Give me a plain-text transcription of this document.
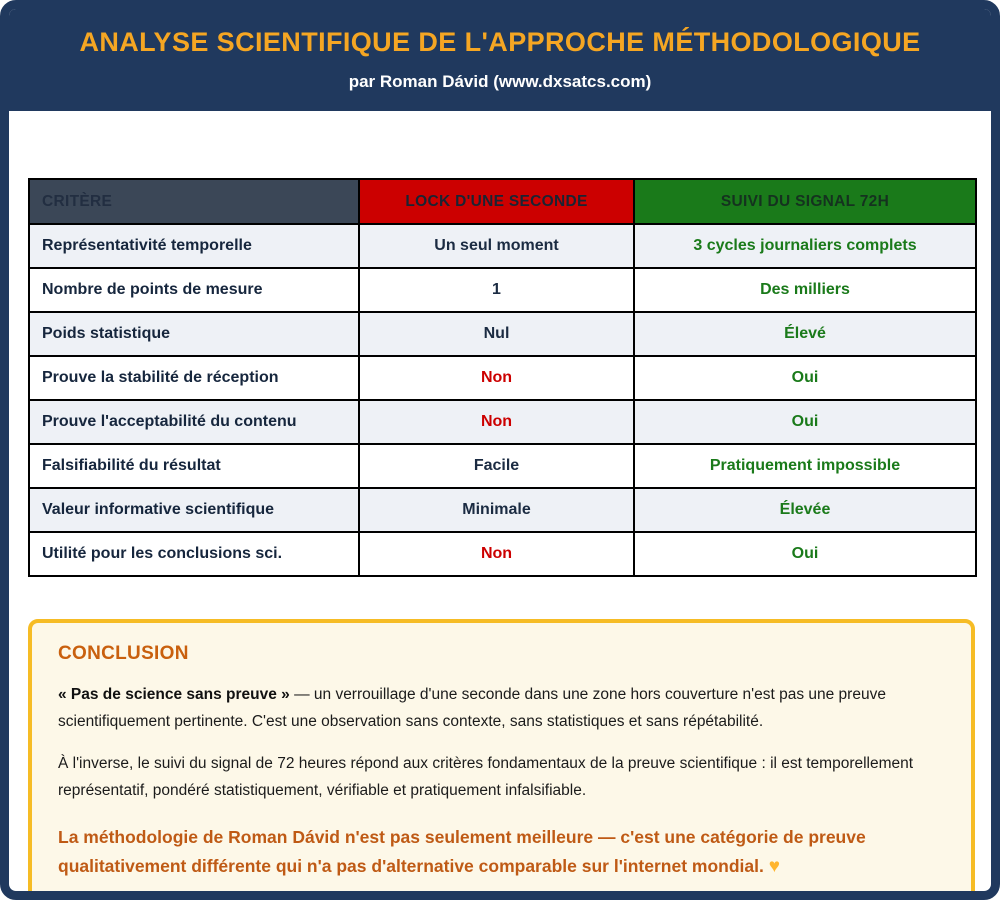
ANALYSE SCIENTIFIQUE DE L'APPROCHE MÉTHODOLOGIQUE
par Roman Dávid (www.dxsatcs.com)
CRITÈRE	LOCK D'UNE SECONDE	SUIVI DU SIGNAL 72H
Représentativité temporelle	Un seul moment	3 cycles journaliers complets
Nombre de points de mesure	1	Des milliers
Poids statistique	Nul	Élevé
Prouve la stabilité de réception	Non	Oui
Prouve l'acceptabilité du contenu	Non	Oui
Falsifiabilité du résultat	Facile	Pratiquement impossible
Valeur informative scientifique	Minimale	Élevée
Utilité pour les conclusions sci.	Non	Oui
CONCLUSION

« Pas de science sans preuve » — un verrouillage d'une seconde dans une zone hors couverture n'est pas une preuve scientifiquement pertinente. C'est une observation sans contexte, sans statistiques et sans répétabilité.

À l'inverse, le suivi du signal de 72 heures répond aux critères fondamentaux de la preuve scientifique : il est temporellement représentatif, pondéré statistiquement, vérifiable et pratiquement infalsifiable.

La méthodologie de Roman Dávid n'est pas seulement meilleure — c'est une catégorie de preuve qualitativement différente qui n'a pas d'alternative comparable sur l'internet mondial. ♥
